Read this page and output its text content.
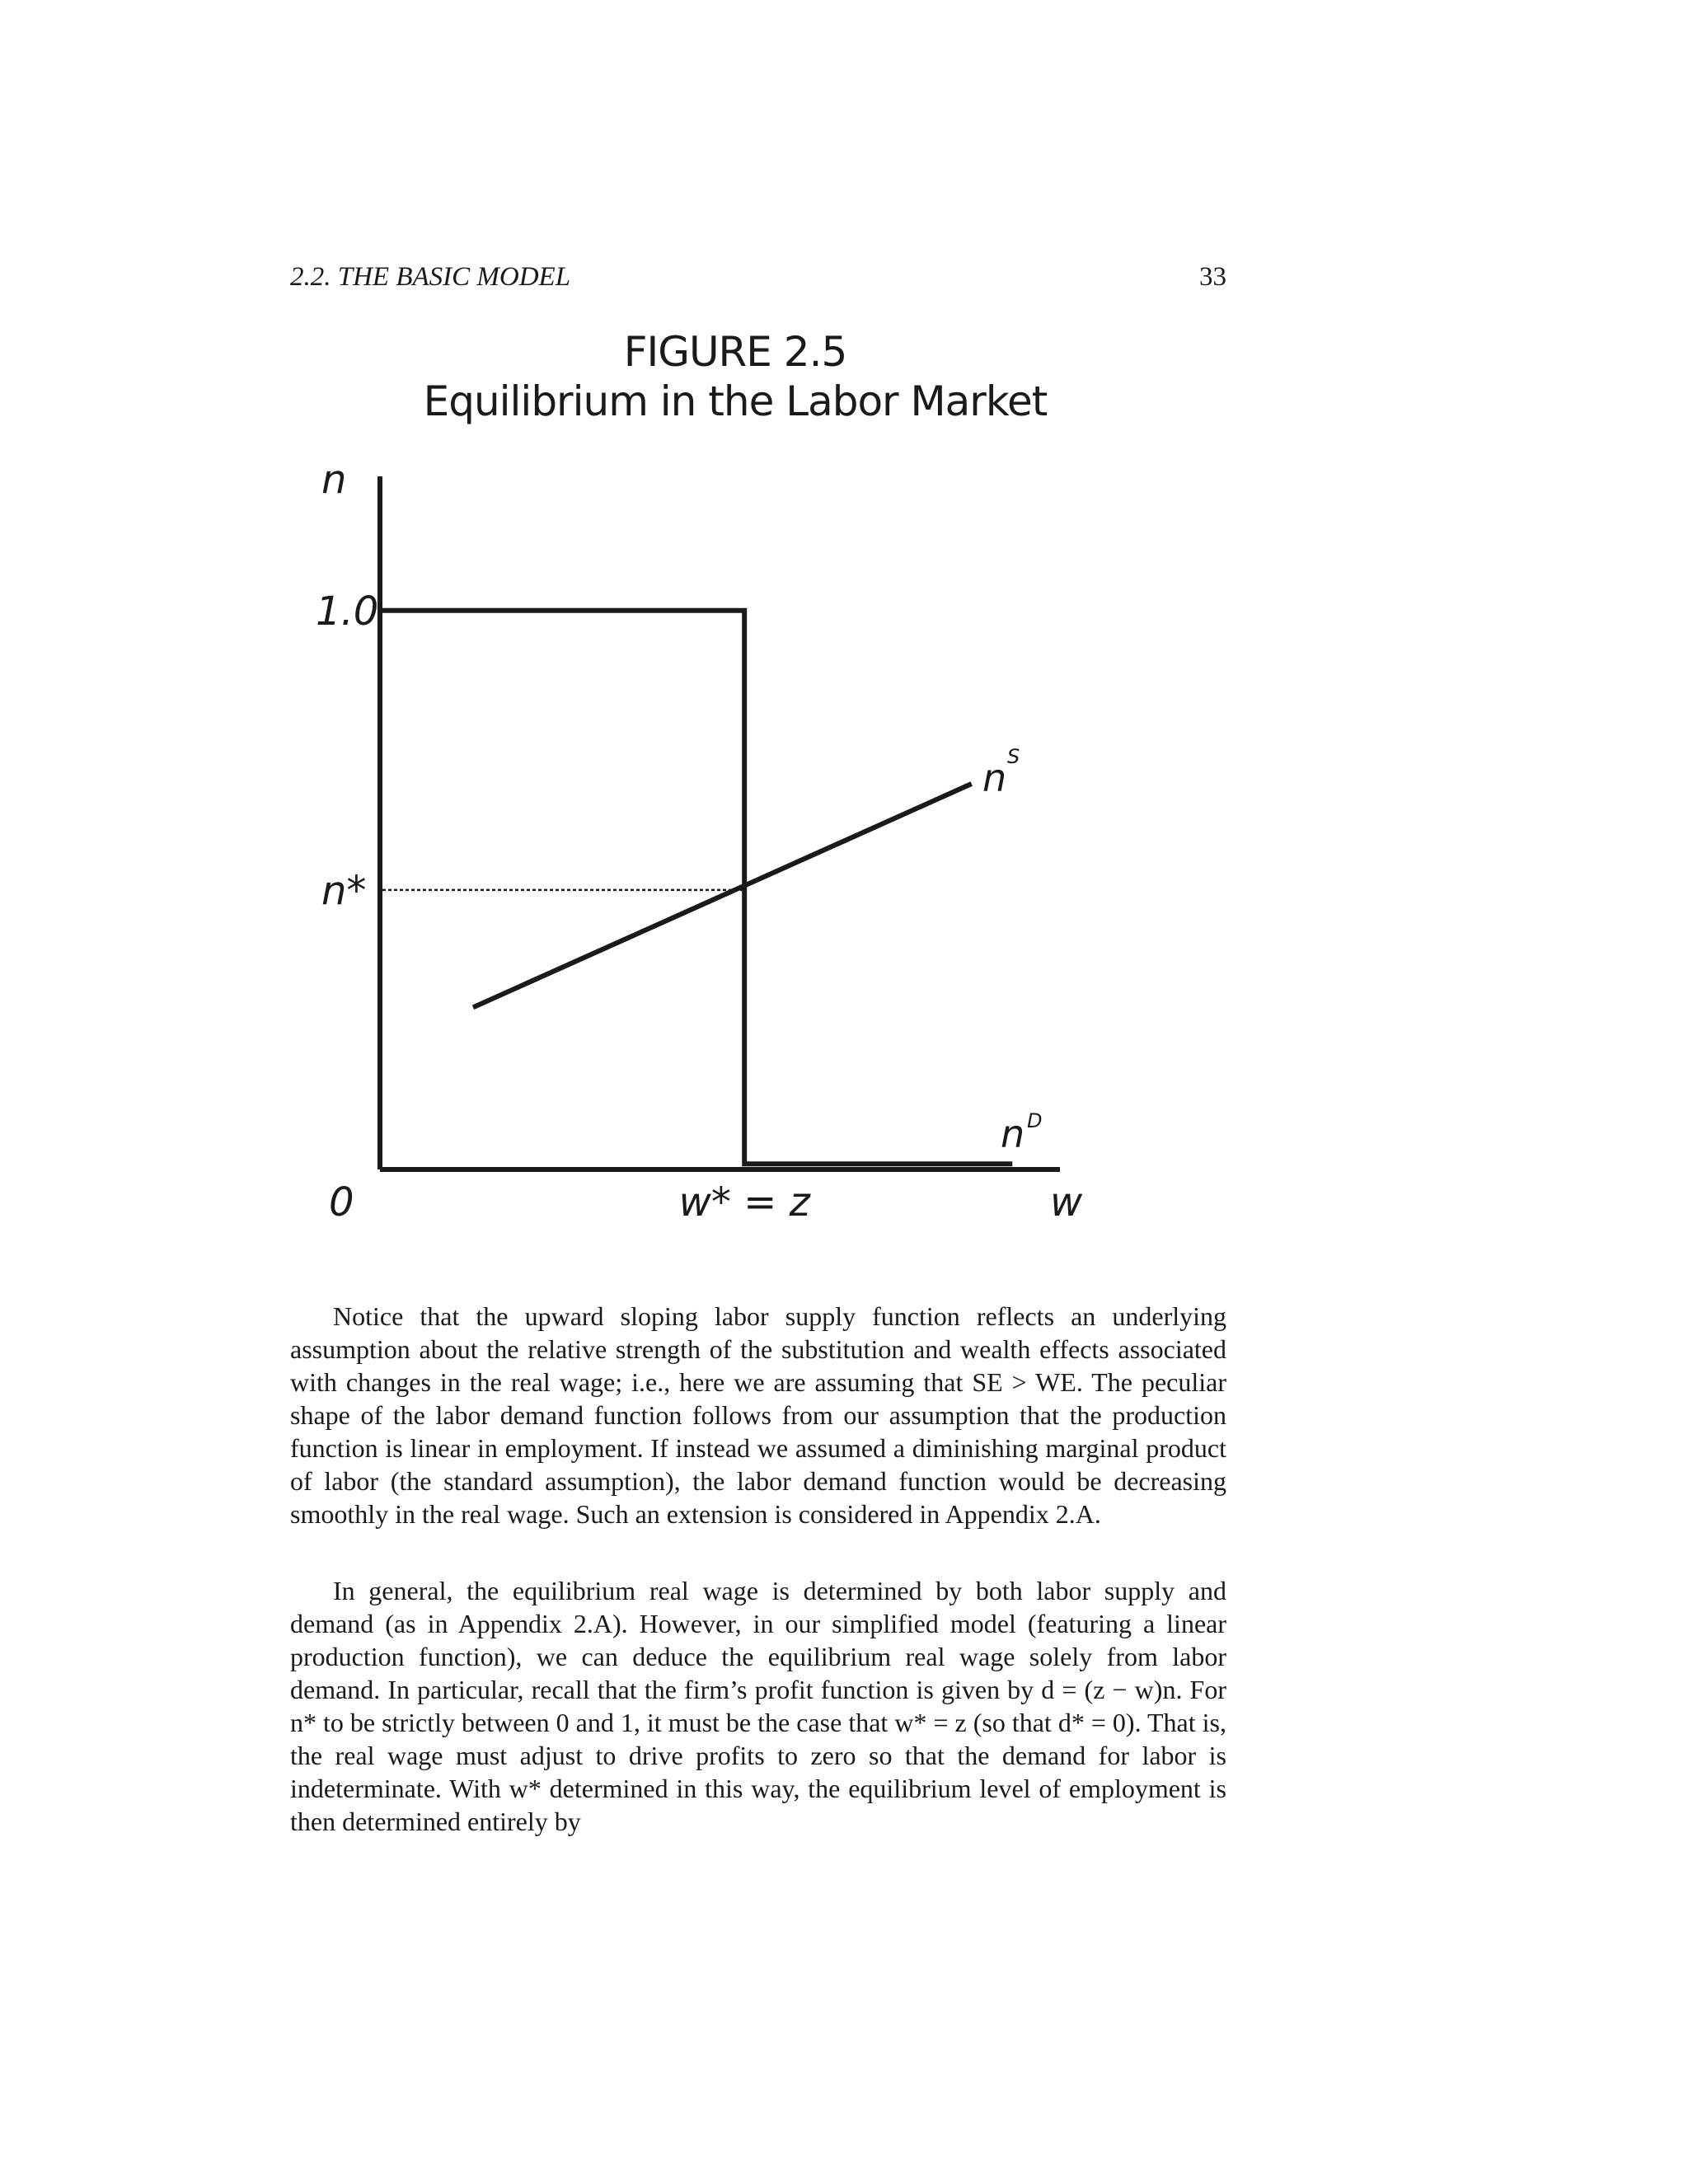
2.2. THE BASIC MODEL	33
FIGURE 2.5
Equilibrium in the Labor Market
n
w
0
1.0
n*
w* = z
n S
n D

Notice that the upward sloping labor supply function reflects an underlying assumption about the relative strength of the substitution and wealth effects associated with changes in the real wage; i.e., here we are assuming that SE > WE. The peculiar shape of the labor demand function follows from our assumption that the production function is linear in employment. If instead we assumed a diminishing marginal product of labor (the standard assumption), the labor demand function would be decreasing smoothly in the real wage. Such an extension is considered in Appendix 2.A.

In general, the equilibrium real wage is determined by both labor supply and demand (as in Appendix 2.A). However, in our simplified model (featuring a linear production function), we can deduce the equilibrium real wage solely from labor demand. In particular, recall that the firm’s profit function is given by d = (z − w)n. For n* to be strictly between 0 and 1, it must be the case that w* = z (so that d* = 0). That is, the real wage must adjust to drive profits to zero so that the demand for labor is indeterminate. With w* determined in this way, the equilibrium level of employment is then determined entirely by
